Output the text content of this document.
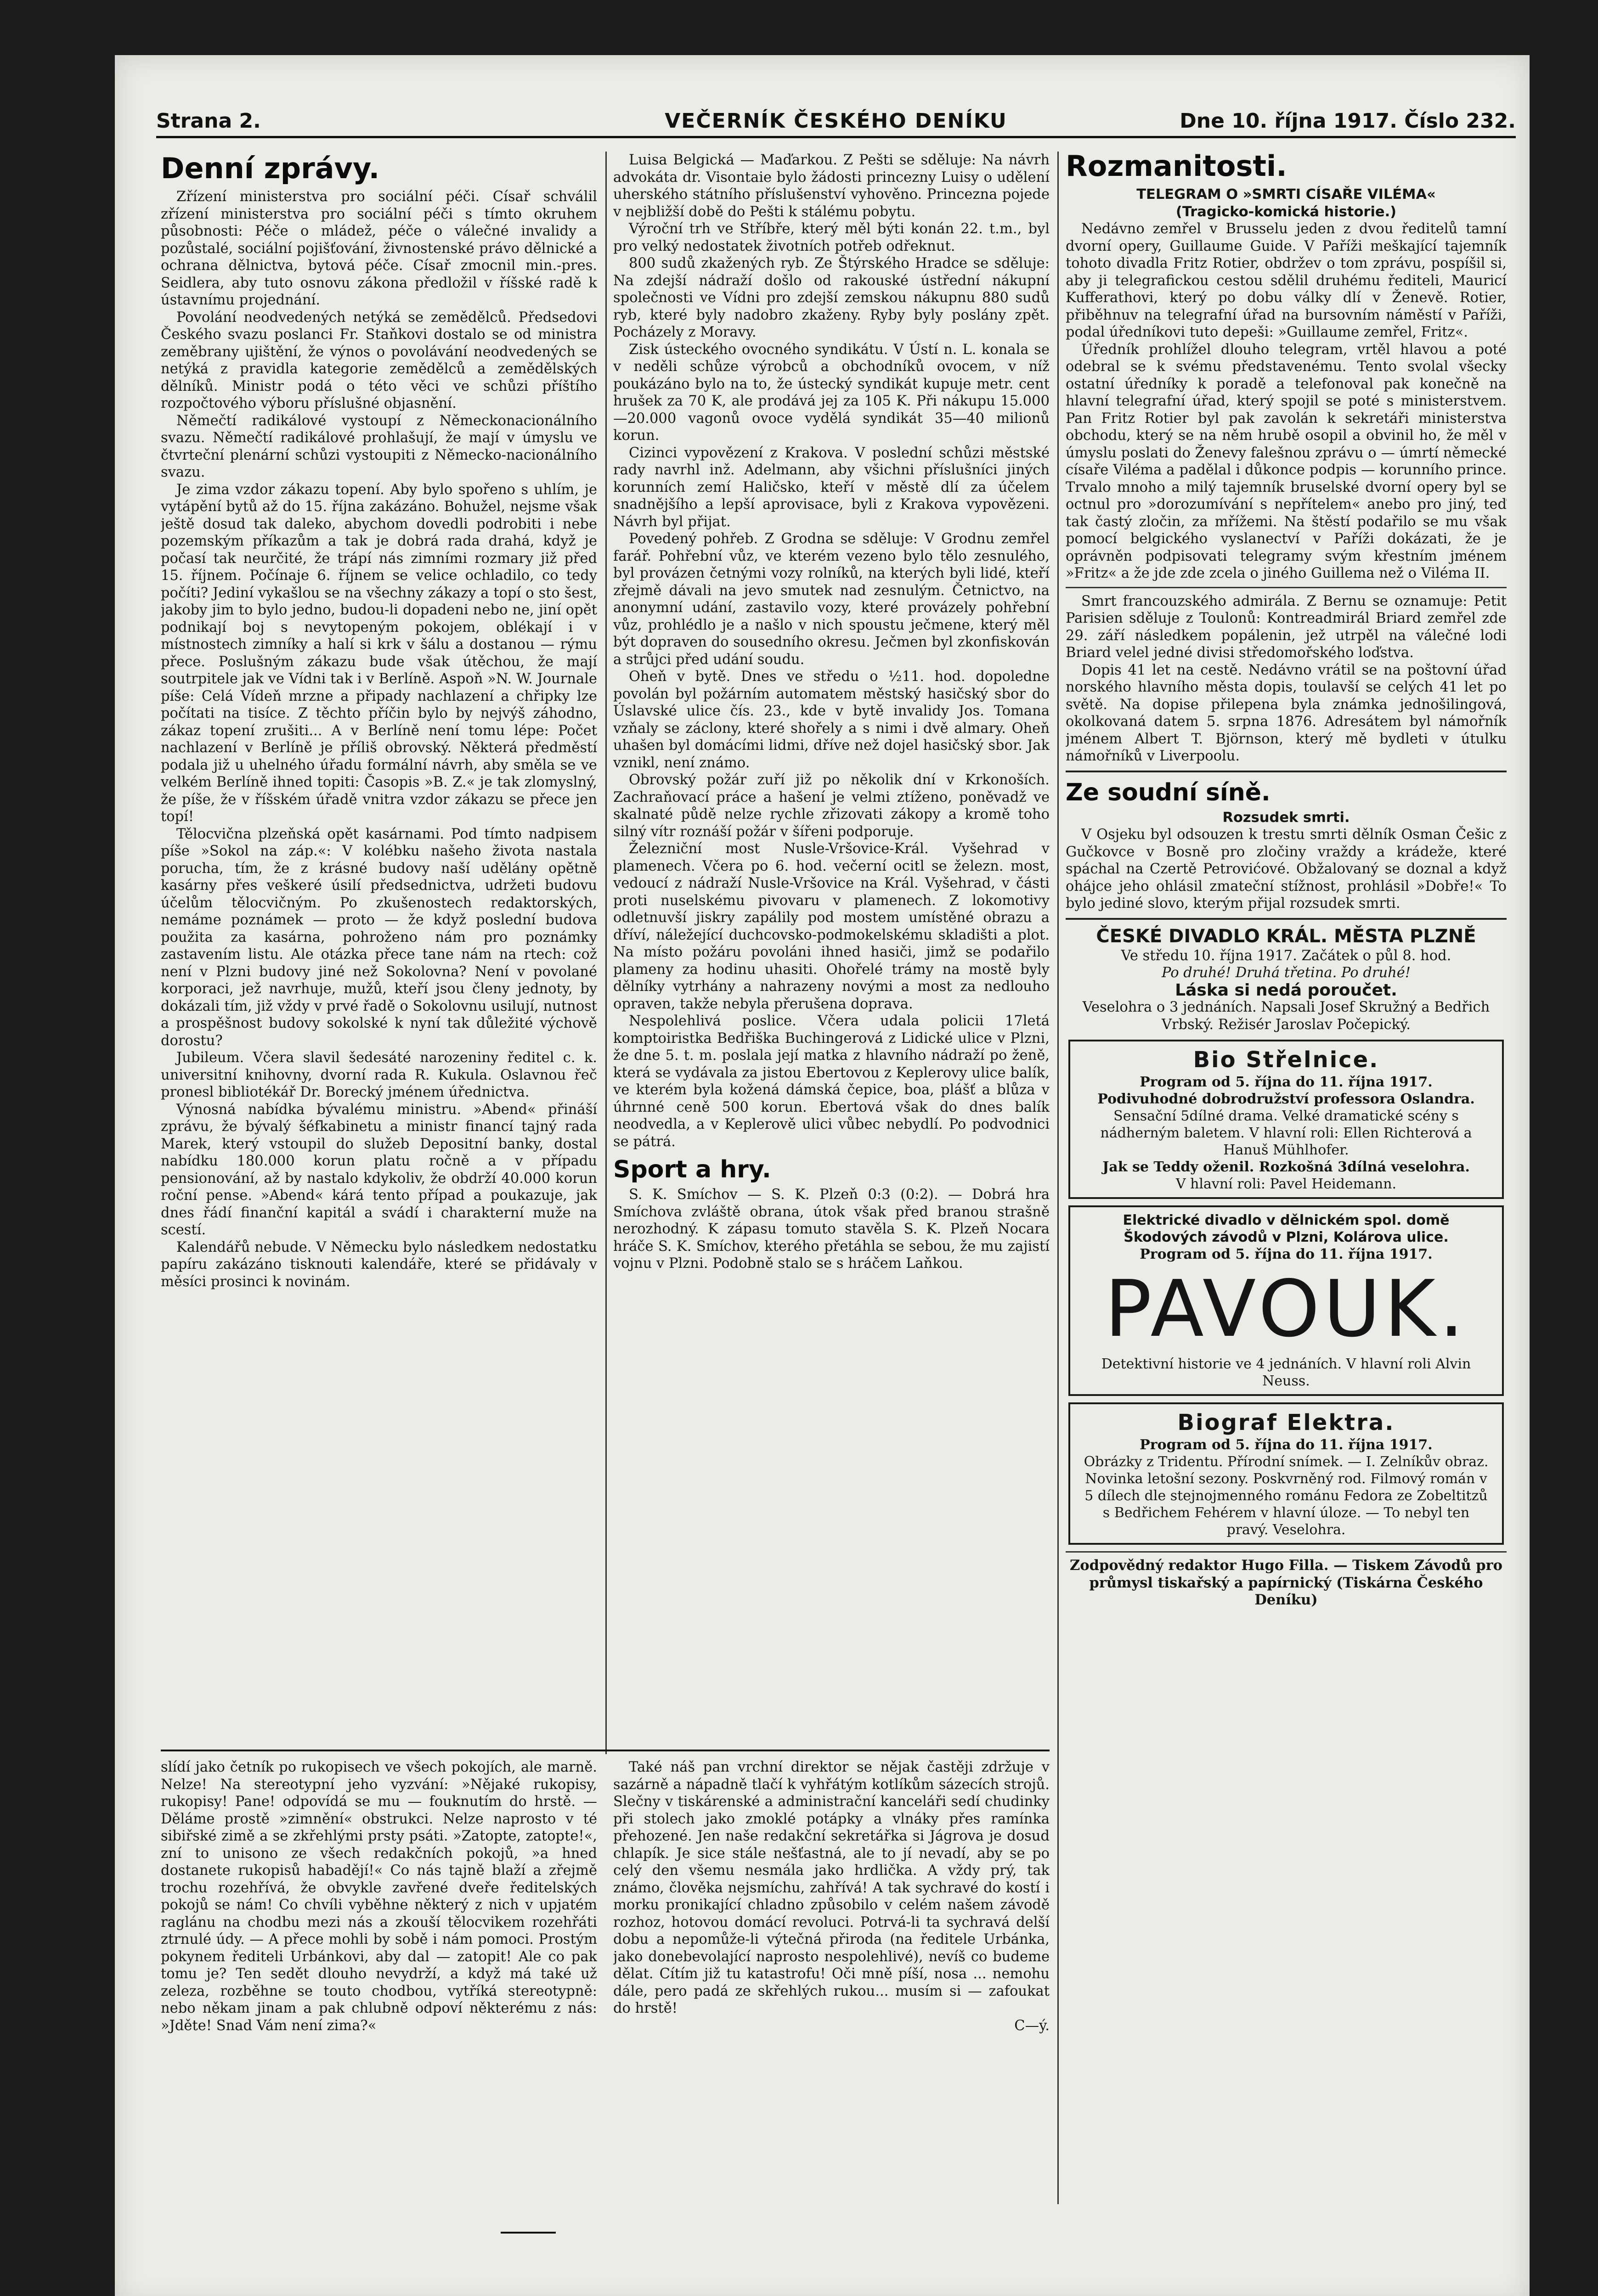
Strana 2.	VEČERNÍK ČESKÉHO DENÍKU	Dne 10. října 1917. Číslo 232.
Denní zprávy.

Zřízení ministerstva pro sociální péči. Císař schválil zřízení ministerstva pro sociální péči s tímto okruhem působnosti: Péče o mládež, péče o válečné invalidy a pozůstalé, sociální pojišťování, živnostenské právo dělnické a ochrana dělnictva, bytová péče. Císař zmocnil min.-pres. Seidlera, aby tuto osnovu zákona předložil v říšské radě k ústavnímu projednání.

Povolání neodvedených netýká se zemědělců. Předsedovi Českého svazu poslanci Fr. Staňkovi dostalo se od ministra zeměbrany ujištění, že výnos o povolávání neodvedených se netýká z pravidla kategorie zemědělců a zemědělských dělníků. Ministr podá o této věci ve schůzi příštího rozpočtového výboru příslušné objasnění.

Němečtí radikálové vystoupí z Německonacionálního svazu. Němečtí radikálové prohlašují, že mají v úmyslu ve čtvrteční plenární schůzi vystoupiti z Německo-nacionálního svazu.

Je zima vzdor zákazu topení. Aby bylo spořeno s uhlím, je vytápění bytů až do 15. října zakázáno. Bohužel, nejsme však ještě dosud tak daleko, abychom dovedli podrobiti i nebe pozemským příkazům a tak je dobrá rada drahá, když je počasí tak neurčité, že trápí nás zimními rozmary již před 15. říjnem. Počínaje 6. říjnem se velice ochladilo, co tedy počíti? Jediní vykašlou se na všechny zákazy a topí o sto šest, jakoby jim to bylo jedno, budou-li dopadeni nebo ne, jiní opět podnikají boj s nevytopeným pokojem, oblékají i v místnostech zimníky a halí si krk v šálu a dostanou — rýmu přece. Poslušným zákazu bude však útěchou, že mají soutrpitele jak ve Vídni tak i v Berlíně. Aspoň »N. W. Journale píše: Celá Vídeň mrzne a připady nachlazení a chřipky lze počítati na tisíce. Z těchto příčin bylo by nejvýš záhodno, zákaz topení zrušiti... A v Berlíně není tomu lépe: Počet nachlazení v Berlíně je příliš obrovský. Některá předměstí podala již u uhelného úřadu formální návrh, aby směla se ve velkém Berlíně ihned topiti: Časopis »B. Z.« je tak zlomyslný, že píše, že v říšském úřadě vnitra vzdor zákazu se přece jen topí!

Tělocvična plzeňská opět kasárnami. Pod tímto nadpisem píše »Sokol na záp.«: V kolébku našeho života nastala porucha, tím, že z krásné budovy naší udělány opětně kasárny přes veškeré úsilí předsednictva, udržeti budovu účelům tělocvičným. Po zkušenostech redaktorských, nemáme poznámek — proto — že když poslední budova použita za kasárna, pohroženo nám pro poznámky zastavením listu. Ale otázka přece tane nám na rtech: což není v Plzni budovy jiné než Sokolovna? Není v povolané korporaci, jež navrhuje, mužů, kteří jsou členy jednoty, by dokázali tím, již vždy v prvé řadě o Sokolovnu usilují, nutnost a prospěšnost budovy sokolské k nyní tak důležité výchově dorostu?

Jubileum. Včera slavil šedesáté narozeniny ředitel c. k. universitní knihovny, dvorní rada R. Kukula. Oslavnou řeč pronesl bibliotékář Dr. Borecký jménem úřednictva.

Výnosná nabídka bývalému ministru. »Abend« přináší zprávu, že bývalý šéfkabinetu a ministr financí tajný rada Marek, který vstoupil do služeb Depositní banky, dostal nabídku 180.000 korun platu ročně a v případu pensionování, až by nastalo kdykoliv, že obdrží 40.000 korun roční pense. »Abend« kárá tento případ a poukazuje, jak dnes řádí finanční kapitál a svádí i charakterní muže na scestí.

Kalendářů nebude. V Německu bylo následkem nedostatku papíru zakázáno tisknouti kalendáře, které se přidávaly v měsíci prosinci k novinám.

Luisa Belgická — Maďarkou. Z Pešti se sděluje: Na návrh advokáta dr. Visontaie bylo žádosti princezny Luisy o udělení uherského státního příslušenství vyhověno. Princezna pojede v nejbližší době do Pešti k stálému pobytu.

Výroční trh ve Stříbře, který měl býti konán 22. t.m., byl pro velký nedostatek životních potřeb odřeknut.

800 sudů zkažených ryb. Ze Štýrského Hradce se sděluje: Na zdejší nádraží došlo od rakouské ústřední nákupní společnosti ve Vídni pro zdejší zemskou nákupnu 880 sudů ryb, které byly nadobro zkaženy. Ryby byly poslány zpět. Pocházely z Moravy.

Zisk ústeckého ovocného syndikátu. V Ústí n. L. konala se v neděli schůze výrobců a obchodníků ovocem, v níž poukázáno bylo na to, že ústecký syndikát kupuje metr. cent hrušek za 70 K, ale prodává jej za 105 K. Při nákupu 15.000—20.000 vagonů ovoce vydělá syndikát 35—40 milionů korun.

Cizinci vypovězení z Krakova. V poslední schůzi městské rady navrhl inž. Adelmann, aby všichni příslušníci jiných korunních zemí Haličsko, kteří v městě dlí za účelem snadnějšího a lepší aprovisace, byli z Krakova vypovězeni. Návrh byl přijat.

Povedený pohřeb. Z Grodna se sděluje: V Grodnu zemřel farář. Pohřební vůz, ve kterém vezeno bylo tělo zesnulého, byl provázen četnými vozy rolníků, na kterých byli lidé, kteří zřejmě dávali na jevo smutek nad zesnulým. Četnictvo, na anonymní udání, zastavilo vozy, které provázely pohřební vůz, prohlédlo je a našlo v nich spoustu ječmene, který měl být dopraven do sousedního okresu. Ječmen byl zkonfiskován a strůjci před udání soudu.

Oheň v bytě. Dnes ve středu o ½11. hod. dopoledne povolán byl požárním automatem městský hasičský sbor do Úslavské ulice čís. 23., kde v bytě invalidy Jos. Tomana vzňaly se záclony, které shořely a s nimi i dvě almary. Oheň uhašen byl domácími lidmi, dříve než dojel hasičský sbor. Jak vznikl, není známo.

Obrovský požár zuří již po několik dní v Krkonoších. Zachraňovací práce a hašení je velmi ztíženo, poněvadž ve skalnaté půdě nelze rychle zřizovati zákopy a kromě toho silný vítr roznáší požár v šířeni podporuje.

Železniční most Nusle-Vršovice-Král. Vyšehrad v plamenech. Včera po 6. hod. večerní ocitl se železn. most, vedoucí z nádraží Nusle-Vršovice na Král. Vyšehrad, v části proti nuselskému pivovaru v plamenech. Z lokomotivy odletnuvší jiskry zapálily pod mostem umístěné obrazu a dříví, náležející duchcovsko-podmokelskému skladišti a plot. Na místo požáru povoláni ihned hasiči, jimž se podařilo plameny za hodinu uhasiti. Ohořelé trámy na mostě byly dělníky vytrhány a nahrazeny novými a most za nedlouho opraven, takže nebyla přerušena doprava.

Nespolehlivá poslice. Včera udala policii 17letá komptoiristka Bedřiška Buchingerová z Lidické ulice v Plzni, že dne 5. t. m. poslala její matka z hlavního nádraží po ženě, která se vydávala za jistou Ebertovou z Keplerovy ulice balík, ve kterém byla kožená dámská čepice, boa, plášť a blůza v úhrnné ceně 500 korun. Ebertová však do dnes balík neodvedla, a v Keplerově ulici vůbec nebydlí. Po podvodnici se pátrá.

Sport a hry.

S. K. Smíchov — S. K. Plzeň 0:3 (0:2). — Dobrá hra Smíchova zvláště obrana, útok však před branou strašně nerozhodný. K zápasu tomuto stavěla S. K. Plzeň Nocara hráče S. K. Smíchov, kterého přetáhla se sebou, že mu zajistí vojnu v Plzni. Podobně stalo se s hráčem Laňkou.

Rozmanitosti.
TELEGRAM O »SMRTI CÍSAŘE VILÉMA«
(Tragicko-komická historie.)

Nedávno zemřel v Brusselu jeden z dvou ředitelů tamní dvorní opery, Guillaume Guide. V Paříži meškající tajemník tohoto divadla Fritz Rotier, obdržev o tom zprávu, pospíšil si, aby ji telegrafickou cestou sdělil druhému řediteli, Mauricí Kufferathovi, který po dobu války dlí v Ženevě. Rotier, přiběhnuv na telegrafní úřad na bursovním náměstí v Paříži, podal úředníkovi tuto depeši: »Guillaume zemřel, Fritz«.

Úředník prohlížel dlouho telegram, vrtěl hlavou a poté odebral se k svému představenému. Tento svolal všecky ostatní úředníky k poradě a telefonoval pak konečně na hlavní telegrafní úřad, který spojil se poté s ministerstvem. Pan Fritz Rotier byl pak zavolán k sekretáři ministerstva obchodu, který se na něm hrubě osopil a obvinil ho, že měl v úmyslu poslati do Ženevy falešnou zprávu o — úmrtí německé císaře Viléma a padělal i důkonce podpis — korunního prince. Trvalo mnoho a milý tajemník bruselské dvorní opery byl se octnul pro »dorozumívání s nepřítelem« anebo pro jiný, teď tak častý zločin, za mřížemi. Na štěstí podařilo se mu však pomocí belgického vyslanectví v Paříži dokázati, že je oprávněn podpisovati telegramy svým křestním jménem »Fritz« a že jde zde zcela o jiného Guillema než o Viléma II.

Smrt francouzského admirála. Z Bernu se oznamuje: Petit Parisien sděluje z Toulonů: Kontreadmirál Briard zemřel zde 29. září následkem popálenin, jež utrpěl na válečné lodi Briard velel jedné divisi středomořského loďstva.

Dopis 41 let na cestě. Nedávno vrátil se na poštovní úřad norského hlavního města dopis, toulavší se celých 41 let po světě. Na dopise přilepena byla známka jednošilingová, okolkovaná datem 5. srpna 1876. Adresátem byl námořník jménem Albert T. Björnson, který mě bydleti v útulku námořníků v Liverpoolu.

Ze soudní síně.
Rozsudek smrti.

V Osjeku byl odsouzen k trestu smrti dělník Osman Češic z Gučkovce v Bosně pro zločiny vraždy a krádeže, které spáchal na Czertě Petrovićové. Obžalovaný se doznal a když ohájce jeho ohlásil zmateční stížnost, prohlásil »Dobře!« To bylo jediné slovo, kterým přijal rozsudek smrti.

ČESKÉ DIVADLO KRÁL. MĚSTA PLZNĚ
Ve středu 10. října 1917. Začátek o půl 8. hod.
Po druhé! Druhá třetina. Po druhé!
Láska si nedá poroučet.
Veselohra o 3 jednáních. Napsali Josef Skružný a Bedřich Vrbský. Režisér Jaroslav Počepický.
Bio Střelnice.
Program od 5. října do 11. října 1917.
Podivuhodné dobrodružství professora Oslandra.
Sensační 5dílné drama. Velké dramatické scény s nádherným baletem. V hlavní roli: Ellen Richterová a Hanuš Mühlhofer.
Jak se Teddy oženil. Rozkošná 3dílná veselohra.
V hlavní roli: Pavel Heidemann.
Elektrické divadlo v dělnickém spol. domě
Škodových závodů v Plzni, Kolárova ulice.
Program od 5. října do 11. října 1917.
PAVOUK.
Detektivní historie ve 4 jednáních. V hlavní roli Alvin Neuss.
Biograf Elektra.
Program od 5. října do 11. října 1917.
Obrázky z Tridentu. Přírodní snímek. — I. Zelníkův obraz. Novinka letošní sezony. Poskvrněný rod. Filmový román v 5 dílech dle stejnojmenného románu Fedora ze Zobeltitzů s Bedřichem Fehérem v hlavní úloze. — To nebyl ten pravý. Veselohra.

Zodpovědný redaktor Hugo Filla. — Tiskem Závodů pro průmysl tiskařský a papírnický (Tiskárna Českého Deníku)

slídí jako četník po rukopisech ve všech pokojích, ale marně. Nelze! Na stereotypní jeho vyzvání: »Nějaké rukopisy, rukopisy! Pane! odpovídá se mu — fouknutím do hrstě. — Děláme prostě »zimnění« obstrukci. Nelze naprosto v té sibiřské zimě a se zkřehlými prsty psáti. »Zatopte, zatopte!«, zní to unisono ze všech redakčních pokojů, »a hned dostanete rukopisů habadějí!« Co nás tajně blaží a zřejmě trochu rozehřívá, že obvykle zavřené dveře ředitelských pokojů se nám! Co chvíli vyběhne některý z nich v upjatém raglánu na chodbu mezi nás a zkouší tělocvikem rozehřáti ztrnulé údy. — A přece mohli by sobě i nám pomoci. Prostým pokynem řediteli Urbánkovi, aby dal — zatopit! Ale co pak tomu je? Ten sedět dlouho nevydrží, a když má také už zeleza, rozběhne se touto chodbou, vytříká stereotypně: nebo někam jinam a pak chlubně odpoví některému z nás: »Jděte! Snad Vám není zima?«

Také náš pan vrchní direktor se nějak častěji zdržuje v sazárně a nápadně tlačí k vyhřátým kotlíkům sázecích strojů. Slečny v tiskárenské a administrační kanceláři sedí chudinky při stolech jako zmoklé potápky a vlnáky přes ramínka přehozené. Jen naše redakční sekretářka si Jágrova je dosud chlapík. Je sice stále nešťastná, ale to jí nevadí, aby se po celý den všemu nesmála jako hrdlička. A vždy prý, tak známo, člověka nejsmíchu, zahřívá! A tak sychravé do kostí i morku pronikající chladno způsobilo v celém našem závodě rozhoz, hotovou domácí revoluci. Potrvá-li ta sychravá delší dobu a nepomůže-li výtečná přiroda (na ředitele Urbánka, jako donebevolající naprosto nespolehlivé), nevíš co budeme dělat. Cítím již tu katastrofu! Oči mně píší, nosa ... nemohu dále, pero padá ze skřehlých rukou... musím si — zafoukat do hrstě!

C—ý.
